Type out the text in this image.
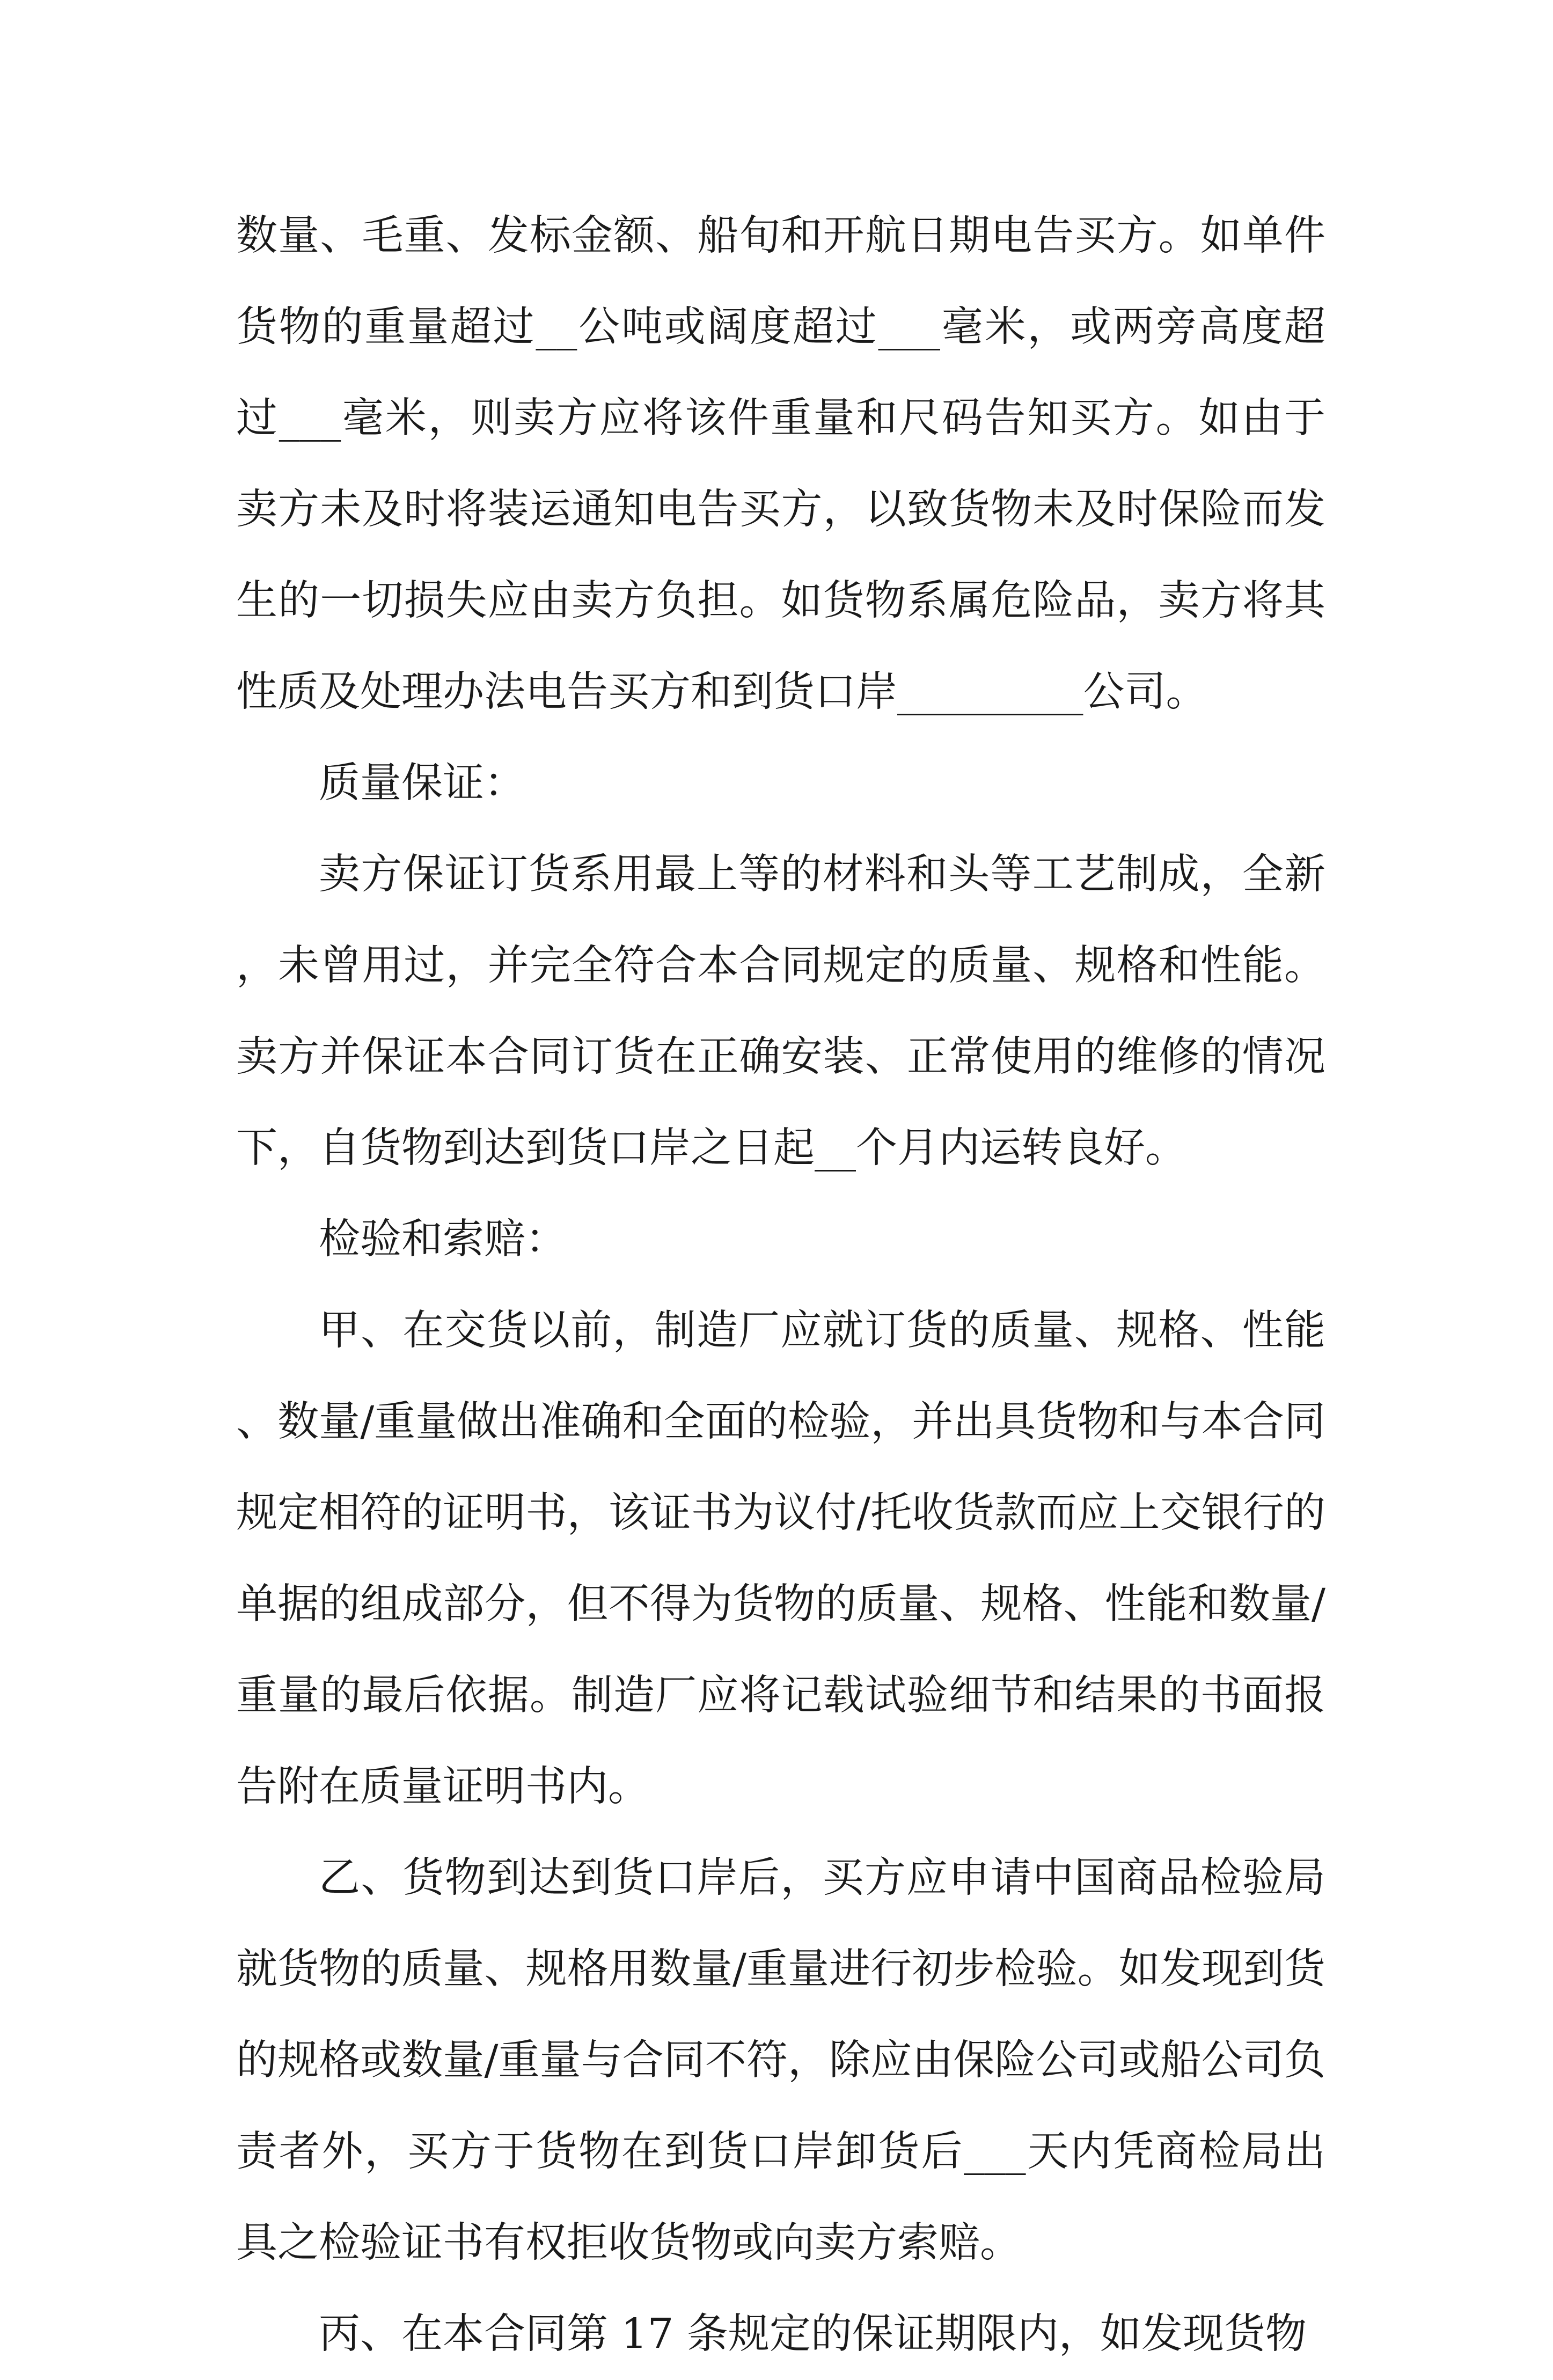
数量、毛重、发标金额、船旬和开航日期电告买方。如单件货物的重量超过__公吨或阔度超过___毫米，或两旁高度超过___毫米，则卖方应将该件重量和尺码告知买方。如由于卖方未及时将装运通知电告买方，以致货物未及时保险而发生的一切损失应由卖方负担。如货物系属危险品，卖方将其性质及处理办法电告买方和到货口岸_________公司。

质量保证：

卖方保证订货系用最上等的材料和头等工艺制成，全新，未曾用过，并完全符合本合同规定的质量、规格和性能。卖方并保证本合同订货在正确安装、正常使用的维修的情况下，自货物到达到货口岸之日起__个月内运转良好。

检验和索赔：

甲、在交货以前，制造厂应就订货的质量、规格、性能、数量/重量做出准确和全面的检验，并出具货物和与本合同规定相符的证明书，该证书为议付/托收货款而应上交银行的单据的组成部分，但不得为货物的质量、规格、性能和数量/重量的最后依据。制造厂应将记载试验细节和结果的书面报告附在质量证明书内。

乙、货物到达到货口岸后，买方应申请中国商品检验局就货物的质量、规格用数量/重量进行初步检验。如发现到货的规格或数量/重量与合同不符，除应由保险公司或船公司负责者外，买方于货物在到货口岸卸货后___天内凭商检局出具之检验证书有权拒收货物或向卖方索赔。

丙、在本合同第 17 条规定的保证期限内，如发现货物
